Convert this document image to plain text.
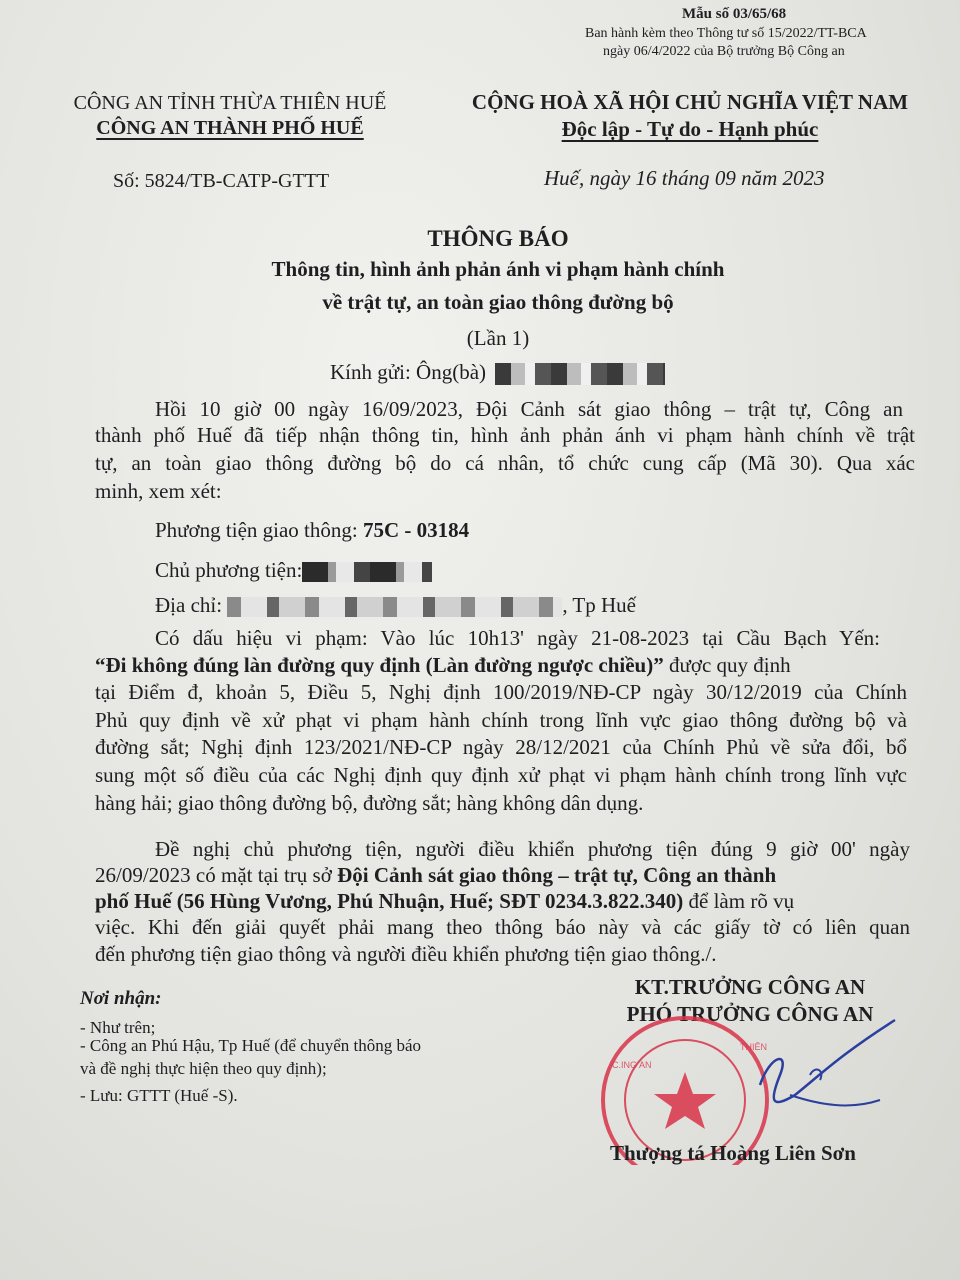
Mẫu số 03/65/68
Ban hành kèm theo Thông tư số 15/2022/TT-BCA
ngày 06/4/2022 của Bộ trưởng Bộ Công an
CÔNG AN TỈNH THỪA THIÊN HUẾ
CÔNG AN THÀNH PHỐ HUẾ
Số: 5824/TB-CATP-GTTT
CỘNG HOÀ XÃ HỘI CHỦ NGHĨA VIỆT NAM
Độc lập - Tự do - Hạnh phúc
Huế, ngày 16 tháng 09 năm 2023
THÔNG BÁO
Thông tin, hình ảnh phản ánh vi phạm hành chính
về trật tự, an toàn giao thông đường bộ
(Lần 1)
Kính gửi: Ông(bà)
Hồi 10 giờ 00 ngày 16/09/2023, Đội Cảnh sát giao thông – trật tự, Công an
thành phố Huế đã tiếp nhận thông tin, hình ảnh phản ánh vi phạm hành chính về trật
tự, an toàn giao thông đường bộ do cá nhân, tổ chức cung cấp (Mã 30). Qua xác
minh, xem xét:
Phương tiện giao thông: 75C - 03184
Chủ phương tiện:
Địa chỉ:	, Tp Huế
Có dấu hiệu vi phạm: Vào lúc 10h13' ngày 21-08-2023 tại Cầu Bạch Yến:
“Đi không đúng làn đường quy định (Làn đường ngược chiều)” được quy định
tại Điểm đ, khoản 5, Điều 5, Nghị định 100/2019/NĐ-CP ngày 30/12/2019 của Chính
Phủ quy định về xử phạt vi phạm hành chính trong lĩnh vực giao thông đường bộ và
đường sắt; Nghị định 123/2021/NĐ-CP ngày 28/12/2021 của Chính Phủ về sửa đổi, bổ
sung một số điều của các Nghị định quy định xử phạt vi phạm hành chính trong lĩnh vực
hàng hải; giao thông đường bộ, đường sắt; hàng không dân dụng.
Đề nghị chủ phương tiện, người điều khiển phương tiện đúng 9 giờ 00' ngày
26/09/2023 có mặt tại trụ sở Đội Cảnh sát giao thông – trật tự, Công an thành
phố Huế (56 Hùng Vương, Phú Nhuận, Huế; SĐT 0234.3.822.340) để làm rõ vụ
việc. Khi đến giải quyết phải mang theo thông báo này và các giấy tờ có liên quan
đến phương tiện giao thông và người điều khiển phương tiện giao thông./.
Nơi nhận:
- Như trên;
- Công an Phú Hậu, Tp Huế (để chuyển thông báo
và đề nghị thực hiện theo quy định);
- Lưu: GTTT (Huế -S).
KT.TRƯỞNG CÔNG AN
PHÓ TRƯỞNG CÔNG AN
C.ING AN
THIÊN
Thượng tá Hoàng Liên Sơn
